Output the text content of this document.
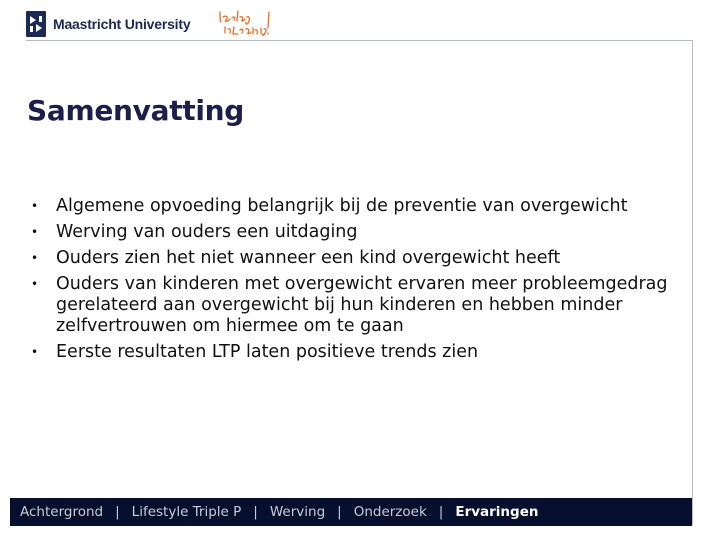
Maastricht University
Samenvatting
• Algemene opvoeding belangrijk bij de preventie van overgewicht
• Werving van ouders een uitdaging
• Ouders zien het niet wanneer een kind overgewicht heeft
• Ouders van kinderen met overgewicht ervaren meer probleemgedrag gerelateerd aan overgewicht bij hun kinderen en hebben minder zelfvertrouwen om hiermee om te gaan
• Eerste resultaten LTP laten positieve trends zien
Achtergrond | Lifestyle Triple P | Werving | Onderzoek | Ervaringen
